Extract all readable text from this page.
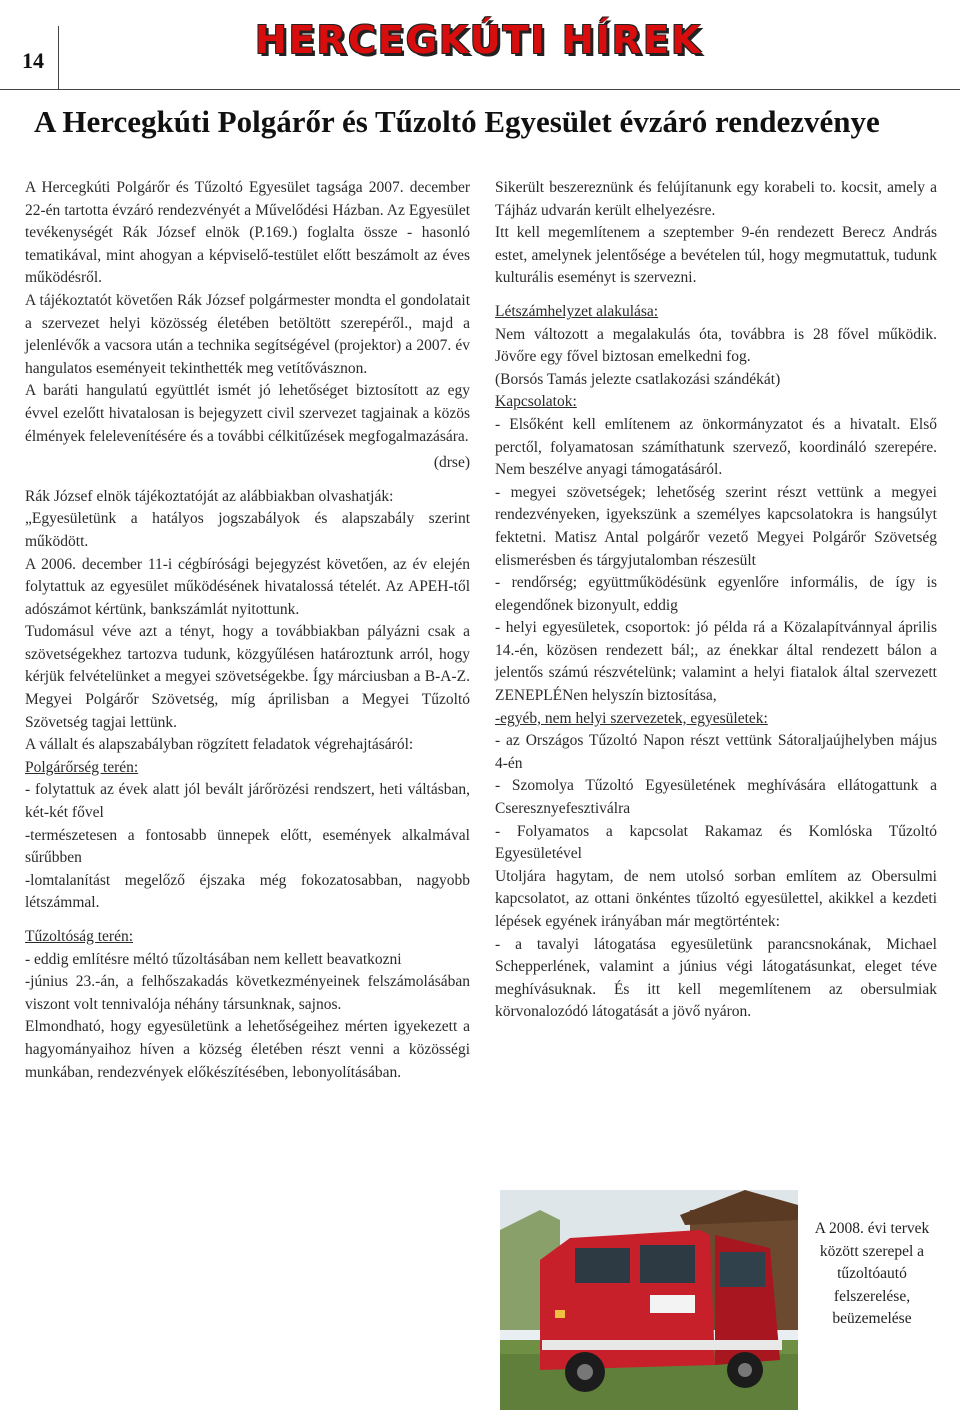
14	HERCEGKÚTI HÍREK
A Hercegkúti Polgárőr és Tűzoltó Egyesület évzáró rendezvénye

A Hercegkúti Polgárőr és Tűzoltó Egyesület tagsága 2007. december 22-én tartotta évzáró rendezvényét a Művelődési Házban. Az Egyesület tevékenységét Rák József elnök (P.169.) foglalta össze - hasonló tematikával, mint ahogyan a képviselő-testület előtt beszámolt az éves működésről.

A tájékoztatót követően Rák József polgármester mondta el gondolatait a szervezet helyi közösség életében betöltött szerepéről., majd a jelenlévők a vacsora után a technika segítségével (projektor) a 2007. év hangulatos eseményeit tekinthették meg vetítővásznon.

A baráti hangulatú együttlét ismét jó lehetőséget biztosított az egy évvel ezelőtt hivatalosan is bejegyzett civil szervezet tagjainak a közös élmények felelevenítésére és a további célkitűzések megfogalmazására.

(drse)

Rák József elnök tájékoztatóját az alábbiakban olvashatják:

„Egyesületünk a hatályos jogszabályok és alapszabály szerint működött.

A 2006. december 11-i cégbírósági bejegyzést követően, az év elején folytattuk az egyesület működésének hivatalossá tételét. Az APEH-től adószámot kértünk, bankszámlát nyitottunk.

Tudomásul véve azt a tényt, hogy a továbbiakban pályázni csak a szövetségekhez tartozva tudunk, közgyűlésen határoztunk arról, hogy kérjük felvételünket a megyei szövetségekbe. Így márciusban a B-A-Z. Megyei Polgárőr Szövetség, míg áprilisban a Megyei Tűzoltó Szövetség tagjai lettünk.

A vállalt és alapszabályban rögzített feladatok végrehajtásáról:

Polgárőrség terén:

- folytattuk az évek alatt jól bevált járőrözési rendszert, heti váltásban, két-két fővel

-természetesen a fontosabb ünnepek előtt, események alkalmával sűrűbben

-lomtalanítást megelőző éjszaka még fokozatosabban, nagyobb létszámmal.

Tűzoltóság terén:

- eddig említésre méltó tűzoltásában nem kellett beavatkozni

-június 23.-án, a felhőszakadás következményeinek felszámolásában viszont volt tennivalója néhány társunknak, sajnos.

Elmondható, hogy egyesületünk a lehetőségeihez mérten igyekezett a hagyományaihoz híven a község életében részt venni a közösségi munkában, rendezvények előkészítésében, lebonyolításában.

Sikerült beszereznünk és felújítanunk egy korabeli to. kocsit, amely a Tájház udvarán került elhelyezésre.

Itt kell megemlítenem a szeptember 9-én rendezett Berecz András estet, amelynek jelentősége a bevételen túl, hogy megmutattuk, tudunk kulturális eseményt is szervezni.

Létszámhelyzet alakulása:

Nem változott a megalakulás óta, továbbra is 28 fővel működik. Jövőre egy fővel biztosan emelkedni fog.

(Borsós Tamás jelezte csatlakozási szándékát)

Kapcsolatok:

- Elsőként kell említenem az önkormányzatot és a hivatalt. Első perctől, folyamatosan számíthatunk szervező, koordináló szerepére. Nem beszélve anyagi támogatásáról.

- megyei szövetségek; lehetőség szerint részt vettünk a megyei rendezvényeken, igyekszünk a személyes kapcsolatokra is hangsúlyt fektetni. Matisz Antal polgárőr vezető Megyei Polgárőr Szövetség elismerésben és tárgyjutalomban részesült

- rendőrség; együttműködésünk egyenlőre informális, de így is elegendőnek bizonyult, eddig

- helyi egyesületek, csoportok: jó példa rá a Közalapítvánnyal április 14.-én, közösen rendezett bál;, az énekkar által rendezett bálon a jelentős számú részvételünk; valamint a helyi fiatalok által szervezett ZENEPLÉNen helyszín biztosítása,

-egyéb, nem helyi szervezetek, egyesületek:

- az Országos Tűzoltó Napon részt vettünk Sátoraljaújhelyben május 4-én

- Szomolya Tűzoltó Egyesületének meghívására ellátogattunk a Cseresznyefesztiválra

- Folyamatos a kapcsolat Rakamaz és Komlóska Tűzoltó Egyesületével

Utoljára hagytam, de nem utolsó sorban említem az Obersulmi kapcsolatot, az ottani önkéntes tűzoltó egyesülettel, akikkel a kezdeti lépések egyének irányában már megtörténtek:

- a tavalyi látogatása egyesületünk parancsnokának, Michael Schepperlének, valamint a június végi látogatásunkat, eleget téve meghívásuknak. És itt kell megemlítenem az obersulmiak körvonalozódó látogatását a jövő nyáron.

A 2008. évi tervek között szerepel a tűzoltóautó felszerelése, beüzemelése
